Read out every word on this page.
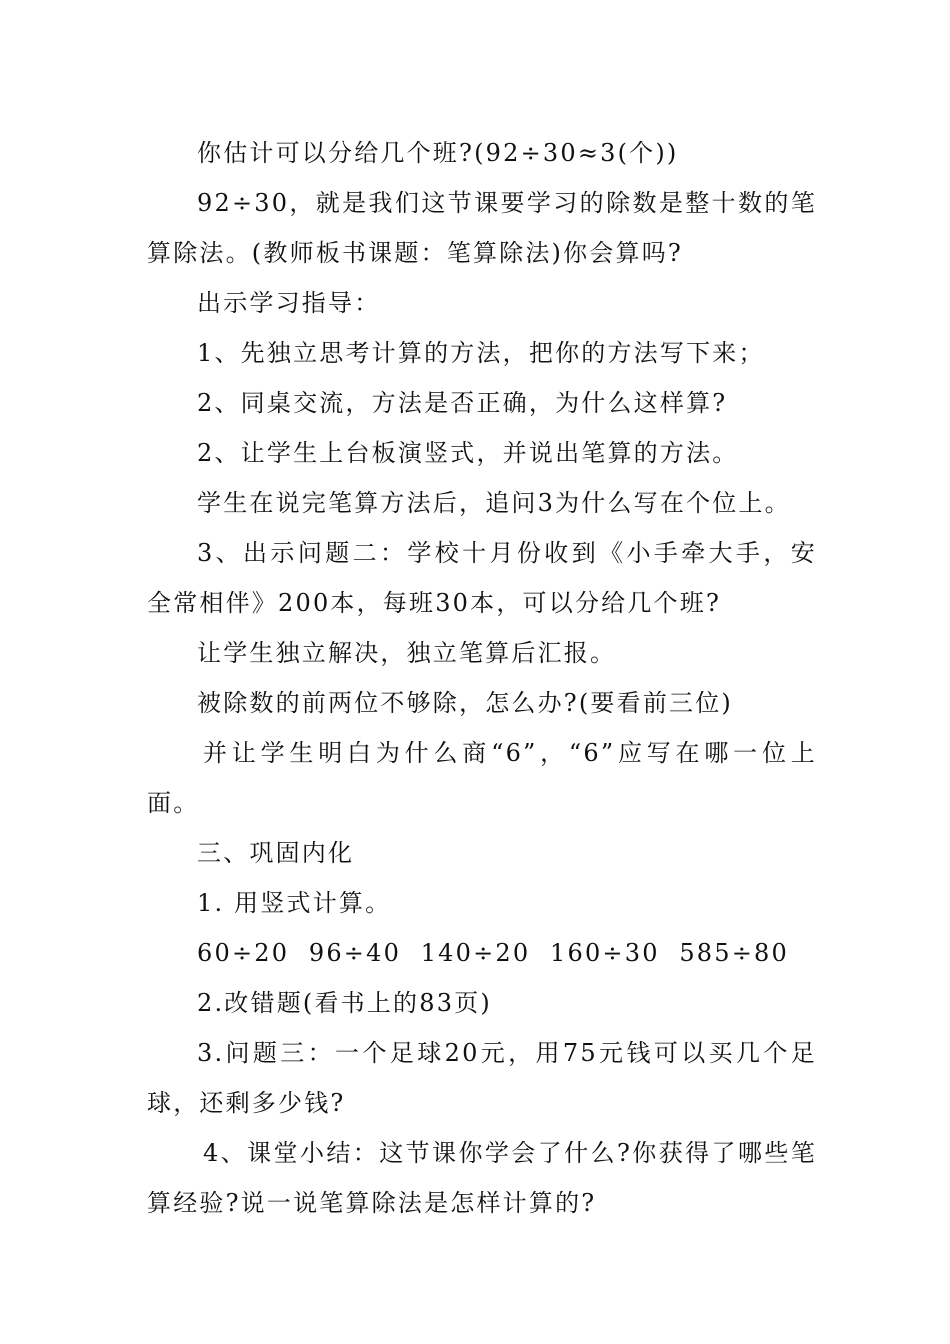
你估计可以分给几个班?(92÷30≈3(个))

92÷30，就是我们这节课要学习的除数是整十数的笔算除法。(教师板书课题：笔算除法)你会算吗?

出示学习指导：

1、先独立思考计算的方法，把你的方法写下来；

2、同桌交流，方法是否正确，为什么这样算?

2、让学生上台板演竖式，并说出笔算的方法。

学生在说完笔算方法后，追问3为什么写在个位上。

3、出示问题二：学校十月份收到《小手牵大手，安全常相伴》200本，每班30本，可以分给几个班?

让学生独立解决，独立笔算后汇报。

被除数的前两位不够除，怎么办?(要看前三位)

并让学生明白为什么商“6”，“6”应写在哪一位上面。

三、巩固内化

1. 用竖式计算。

60÷20  96÷40  140÷20  160÷30  585÷80

2.改错题(看书上的83页)

3.问题三：一个足球20元，用75元钱可以买几个足球，还剩多少钱?

4、课堂小结：这节课你学会了什么?你获得了哪些笔算经验?说一说笔算除法是怎样计算的?
